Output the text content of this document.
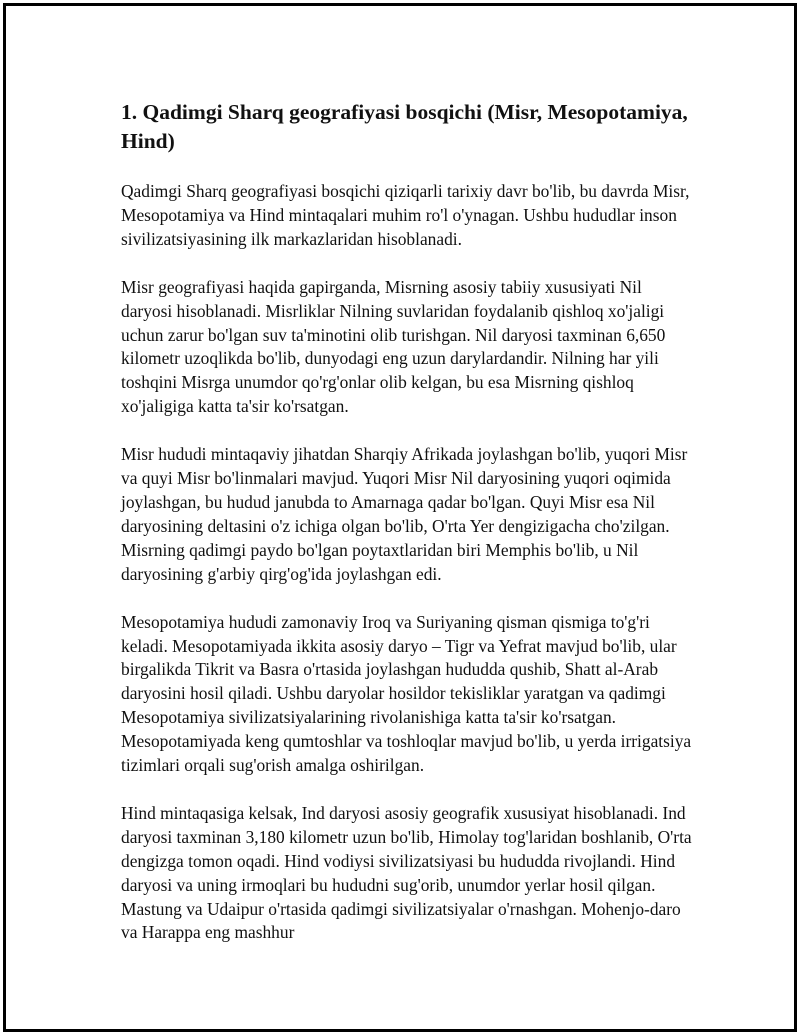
1. Qadimgi Sharq geografiyasi bosqichi (Misr, Mesopotamiya, Hind)

Qadimgi Sharq geografiyasi bosqichi qiziqarli tarixiy davr bo'lib, bu davrda Misr, Mesopotamiya va Hind mintaqalari muhim ro'l o'ynagan. Ushbu hududlar inson sivilizatsiyasining ilk markazlaridan hisoblanadi.

Misr geografiyasi haqida gapirganda, Misrning asosiy tabiiy xususiyati Nil daryosi hisoblanadi. Misrliklar Nilning suvlaridan foydalanib qishloq xo'jaligi uchun zarur bo'lgan suv ta'minotini olib turishgan. Nil daryosi taxminan 6,650 kilometr uzoqlikda bo'lib, dunyodagi eng uzun darylardandir. Nilning har yili toshqini Misrga unumdor qo'rg'onlar olib kelgan, bu esa Misrning qishloq xo'jaligiga katta ta'sir ko'rsatgan.

Misr hududi mintaqaviy jihatdan Sharqiy Afrikada joylashgan bo'lib, yuqori Misr va quyi Misr bo'linmalari mavjud. Yuqori Misr Nil daryosining yuqori oqimida joylashgan, bu hudud janubda to Amarnaga qadar bo'lgan. Quyi Misr esa Nil daryosining deltasini o'z ichiga olgan bo'lib, O'rta Yer dengizigacha cho'zilgan. Misrning qadimgi paydo bo'lgan poytaxtlaridan biri Memphis bo'lib, u Nil daryosining g'arbiy qirg'og'ida joylashgan edi.

Mesopotamiya hududi zamonaviy Iroq va Suriyaning qisman qismiga to'g'ri keladi. Mesopotamiyada ikkita asosiy daryo – Tigr va Yefrat mavjud bo'lib, ular birgalikda Tikrit va Basra o'rtasida joylashgan hududda qushib, Shatt al-Arab daryosini hosil qiladi. Ushbu daryolar hosildor tekisliklar yaratgan va qadimgi Mesopotamiya sivilizatsiyalarining rivolanishiga katta ta'sir ko'rsatgan. Mesopotamiyada keng qumtoshlar va toshloqlar mavjud bo'lib, u yerda irrigatsiya tizimlari orqali sug'orish amalga oshirilgan.

Hind mintaqasiga kelsak, Ind daryosi asosiy geografik xususiyat hisoblanadi. Ind daryosi taxminan 3,180 kilometr uzun bo'lib, Himolay tog'laridan boshlanib, O'rta dengizga tomon oqadi. Hind vodiysi sivilizatsiyasi bu hududda rivojlandi. Hind daryosi va uning irmoqlari bu hududni sug'orib, unumdor yerlar hosil qilgan. Mastung va Udaipur o'rtasida qadimgi sivilizatsiyalar o'rnashgan. Mohenjo-daro va Harappa eng mashhur
